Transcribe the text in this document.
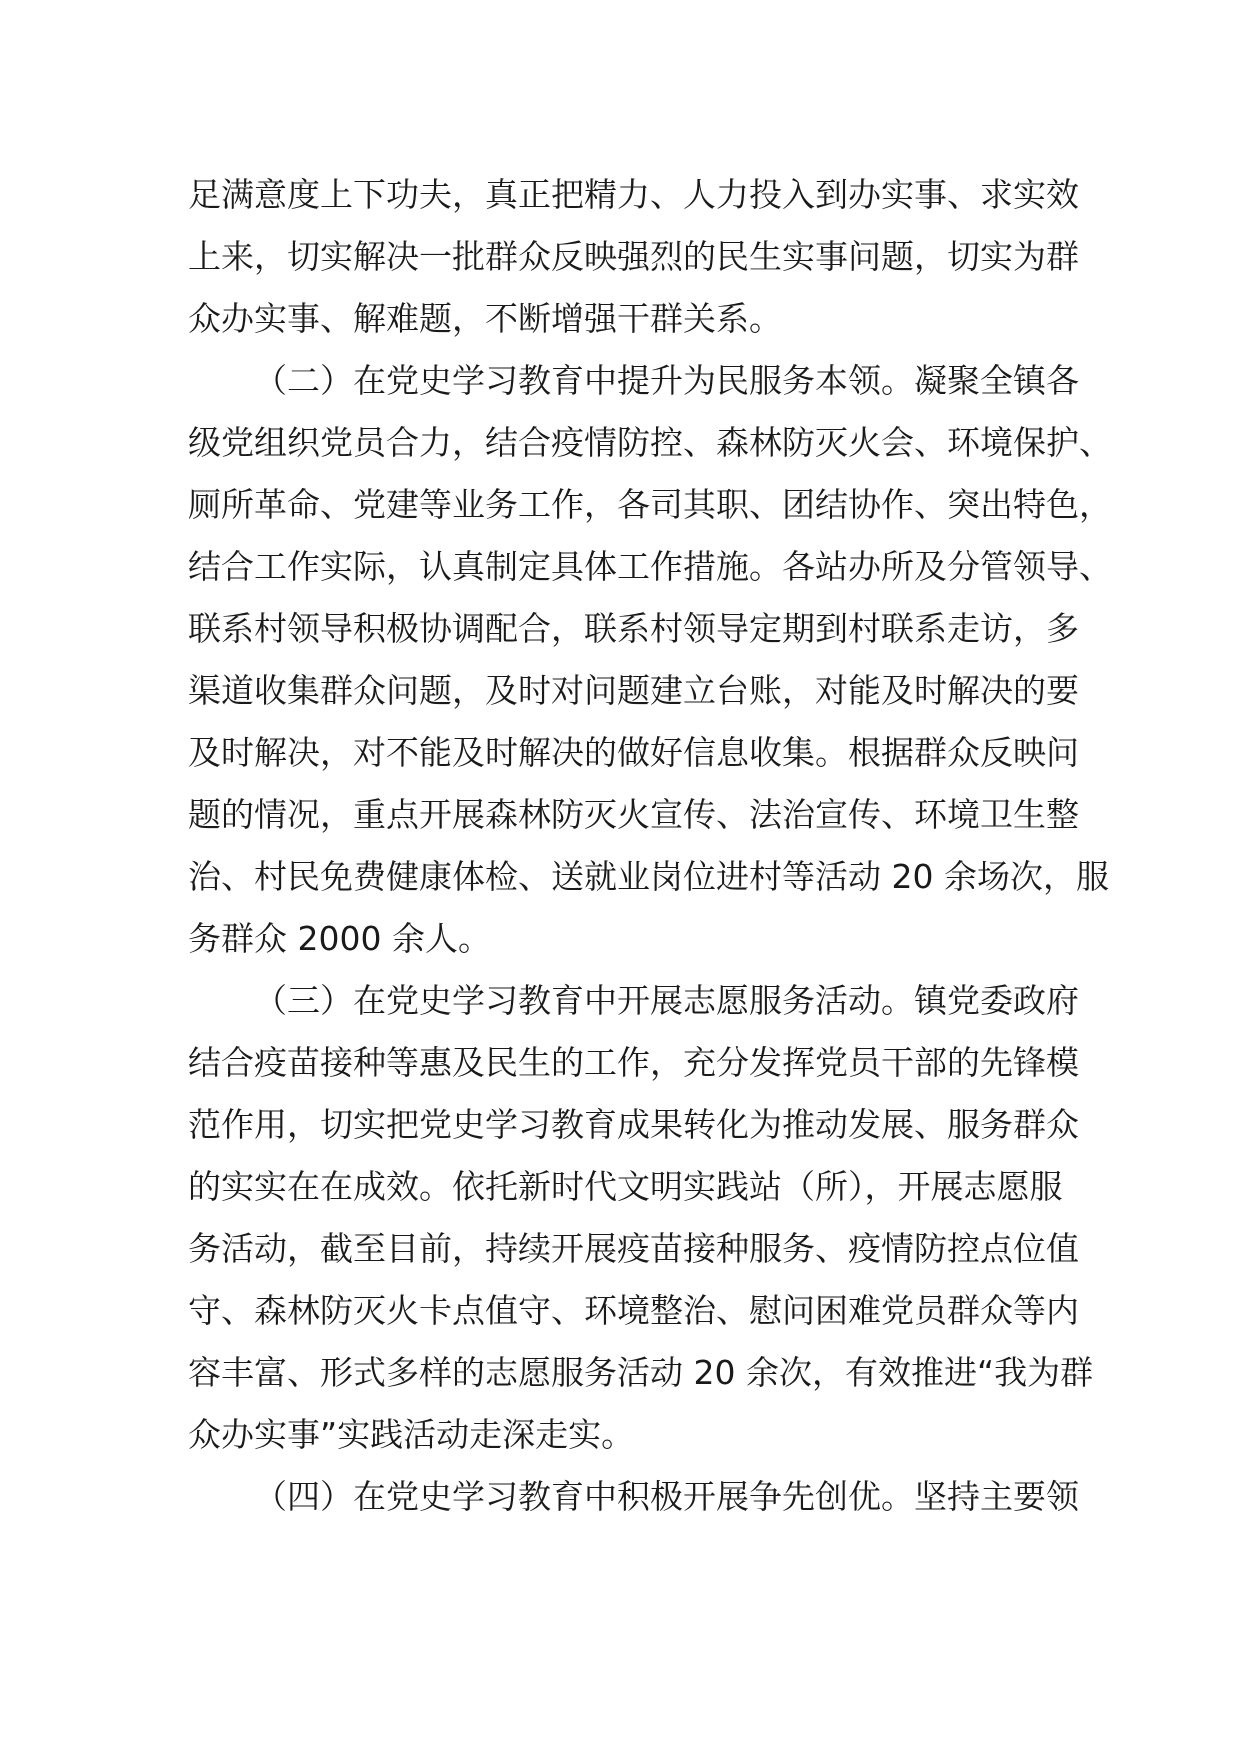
足满意度上下功夫，真正把精力、人力投入到办实事、求实效
上来，切实解决一批群众反映强烈的民生实事问题，切实为群
众办实事、解难题，不断增强干群关系。
（二）在党史学习教育中提升为民服务本领。凝聚全镇各
级党组织党员合力，结合疫情防控、森林防灭火会、环境保护、
厕所革命、党建等业务工作，各司其职、团结协作、突出特色，
结合工作实际，认真制定具体工作措施。各站办所及分管领导、
联系村领导积极协调配合，联系村领导定期到村联系走访，多
渠道收集群众问题，及时对问题建立台账，对能及时解决的要
及时解决，对不能及时解决的做好信息收集。根据群众反映问
题的情况，重点开展森林防灭火宣传、法治宣传、环境卫生整
治、村民免费健康体检、送就业岗位进村等活动 20 余场次，服
务群众 2000 余人。
（三）在党史学习教育中开展志愿服务活动。镇党委政府
结合疫苗接种等惠及民生的工作，充分发挥党员干部的先锋模
范作用，切实把党史学习教育成果转化为推动发展、服务群众
的实实在在成效。依托新时代文明实践站（所），开展志愿服
务活动，截至目前，持续开展疫苗接种服务、疫情防控点位值
守、森林防灭火卡点值守、环境整治、慰问困难党员群众等内
容丰富、形式多样的志愿服务活动 20 余次，有效推进“我为群
众办实事”实践活动走深走实。
（四）在党史学习教育中积极开展争先创优。坚持主要领
